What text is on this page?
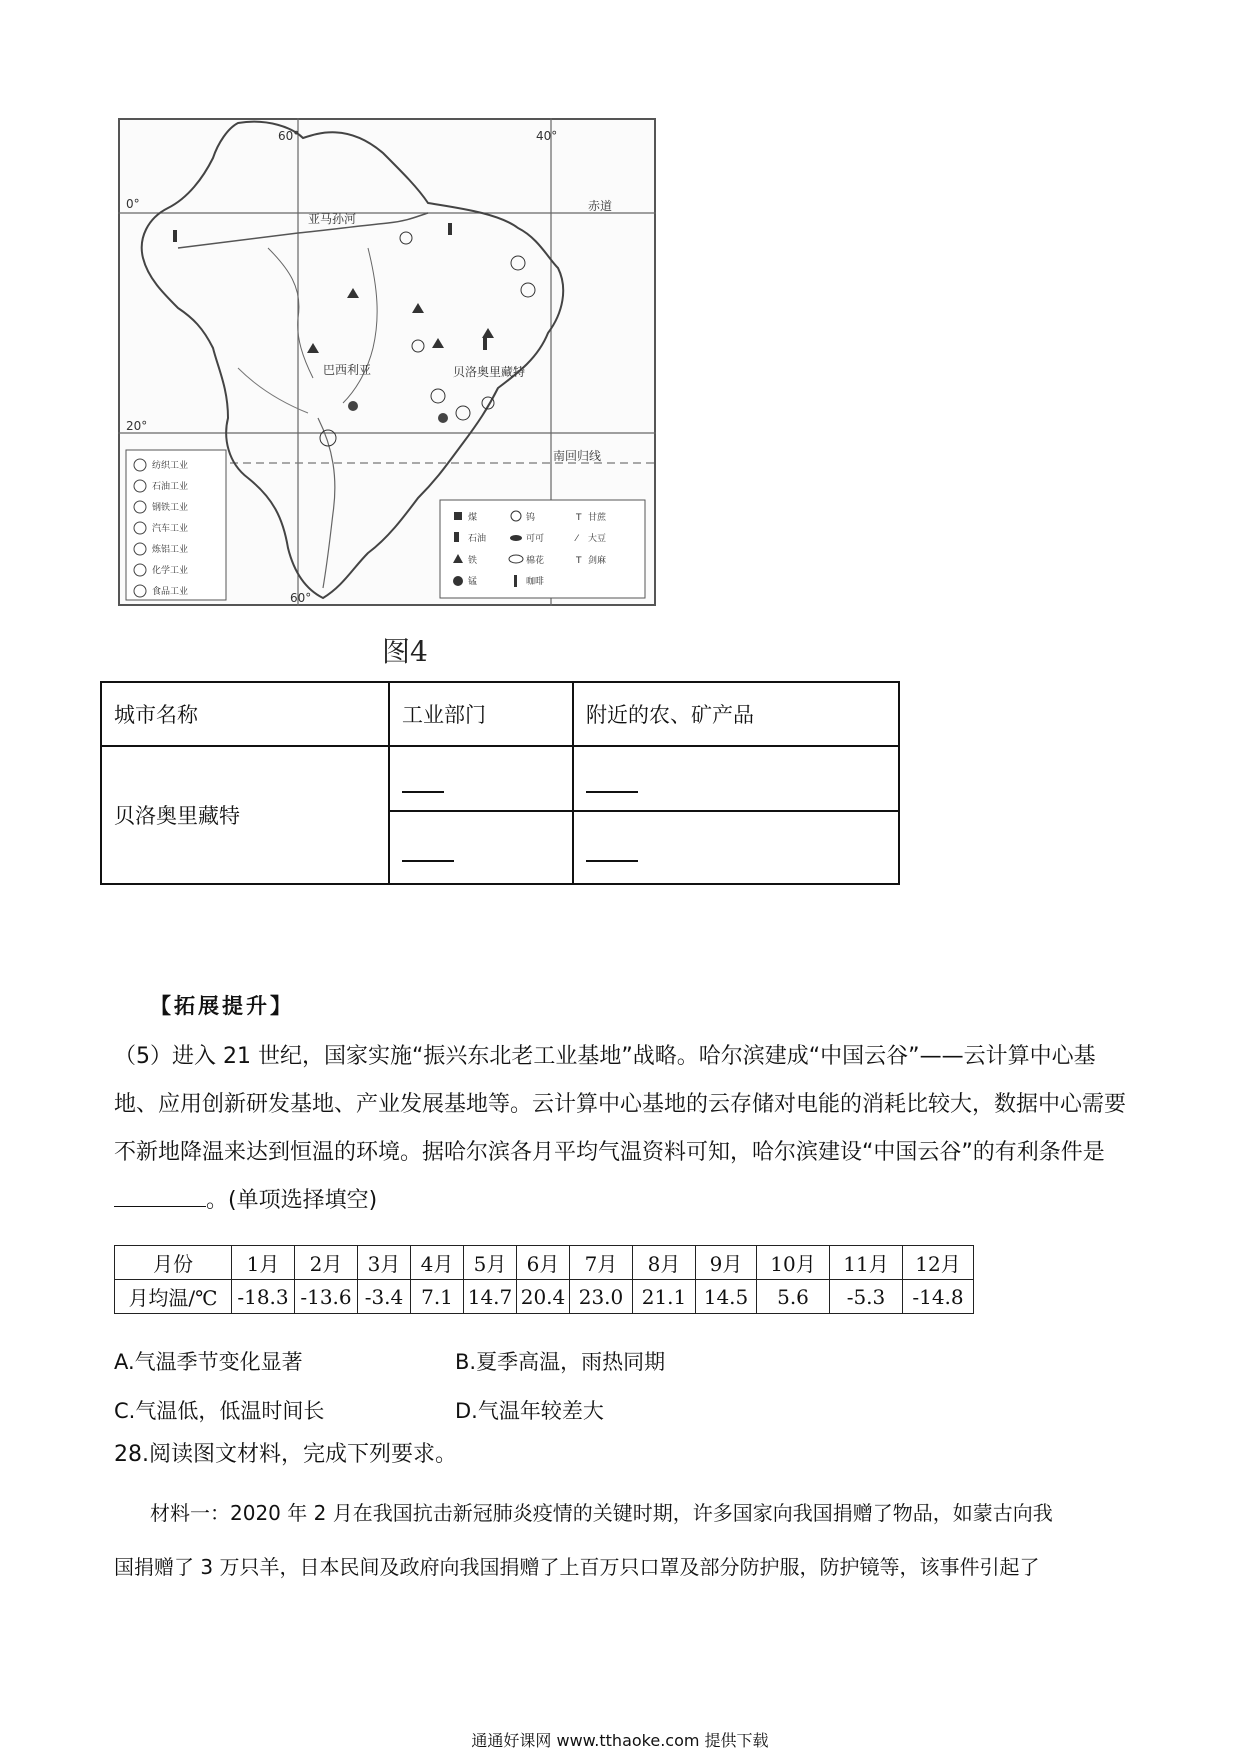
60°	40°
0°
20°
60°
赤道
亚马孙河
巴西利亚	贝洛奥里藏特
南回归线
纺织工业
石油工业
钢铁工业
汽车工业
炼铝工业
化学工业
食品工业
煤
石油
铁
锰
钨
可可
棉花
咖啡
T 甘蔗
⁄ 大豆
T 剑麻
图4
城市名称	工业部门	附近的农、矿产品
贝洛奥里藏特		

【拓展提升】
（5）进入 21 世纪，国家实施“振兴东北老工业基地”战略。哈尔滨建成“中国云谷”——云计算中心基
地、应用创新研发基地、产业发展基地等。云计算中心基地的云存储对电能的消耗比较大，数据中心需要
不新地降温来达到恒温的环境。据哈尔滨各月平均气温资料可知，哈尔滨建设“中国云谷”的有利条件是
。(单项选择填空)
月份	1月	2月	3月	4月	5月	6月	7月	8月	9月	10月	11月	12月
月均温/℃	-18.3	-13.6	-3.4	7.1	14.7	20.4	23.0	21.1	14.5	5.6	-5.3	-14.8
A.气温季节变化显著	B.夏季高温，雨热同期
C.气温低，低温时间长	D.气温年较差大
28.阅读图文材料，完成下列要求。
材料一：2020 年 2 月在我国抗击新冠肺炎疫情的关键时期，许多国家向我国捐赠了物品，如蒙古向我
国捐赠了 3 万只羊，日本民间及政府向我国捐赠了上百万只口罩及部分防护服，防护镜等，该事件引起了
通通好课网 www.tthaoke.com 提供下载
